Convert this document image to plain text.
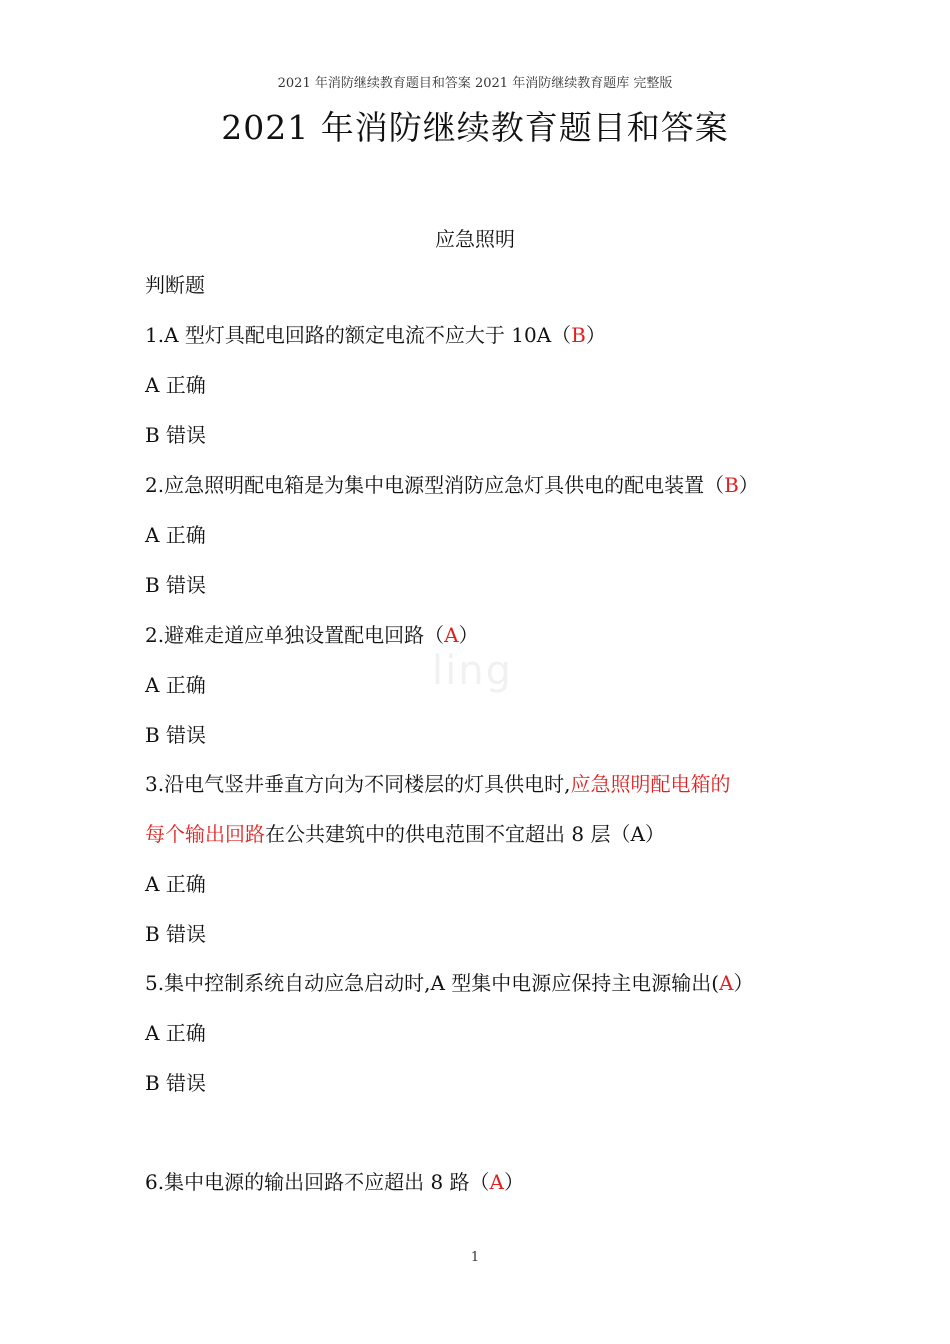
2021 年消防继续教育题目和答案 2021 年消防继续教育题库 完整版
2021 年消防继续教育题目和答案
应急照明
ling
判断题
1.A 型灯具配电回路的额定电流不应大于 10A（B）
A 正确
B 错误
2.应急照明配电箱是为集中电源型消防应急灯具供电的配电装置（B）
A 正确
B 错误
2.避难走道应单独设置配电回路（A）
A 正确
B 错误
3.沿电气竖井垂直方向为不同楼层的灯具供电时,应急照明配电箱的
每个输出回路在公共建筑中的供电范围不宜超出 8 层（A）
A 正确
B 错误
5.集中控制系统自动应急启动时,A 型集中电源应保持主电源输出(A）
A 正确
B 错误
6.集中电源的输出回路不应超出 8 路（A）
1
